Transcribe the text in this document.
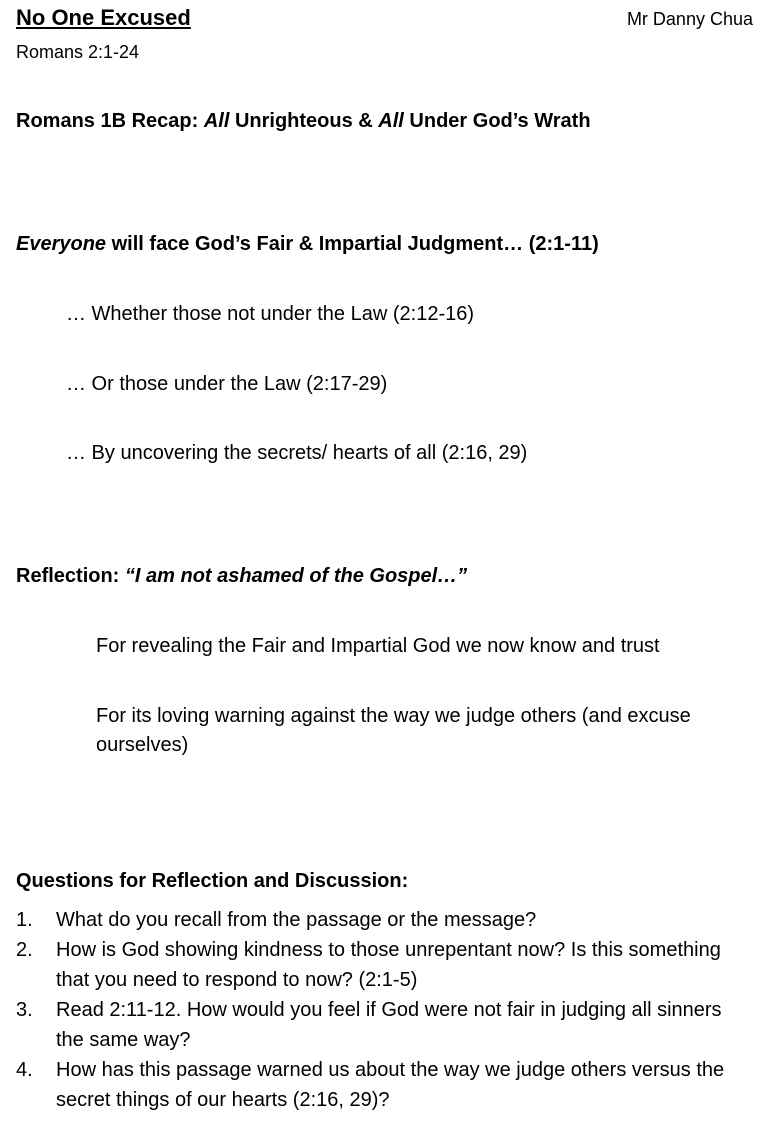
No One Excused	Mr Danny Chua
Romans 2:1-24
Romans 1B Recap: All Unrighteous & All Under God’s Wrath
Everyone will face God’s Fair & Impartial Judgment… (2:1-11)
… Whether those not under the Law (2:12-16)
… Or those under the Law (2:17-29)
… By uncovering the secrets/ hearts of all (2:16, 29)
Reflection: “I am not ashamed of the Gospel…”
For revealing the Fair and Impartial God we now know and trust
For its loving warning against the way we judge others (and excuse ourselves)
Questions for Reflection and Discussion:
1.	What do you recall from the passage or the message?
2.	How is God showing kindness to those unrepentant now? Is this something that you need to respond to now? (2:1-5)
3.	Read 2:11-12. How would you feel if God were not fair in judging all sinners the same way?
4.	How has this passage warned us about the way we judge others versus the secret things of our hearts (2:16, 29)?
